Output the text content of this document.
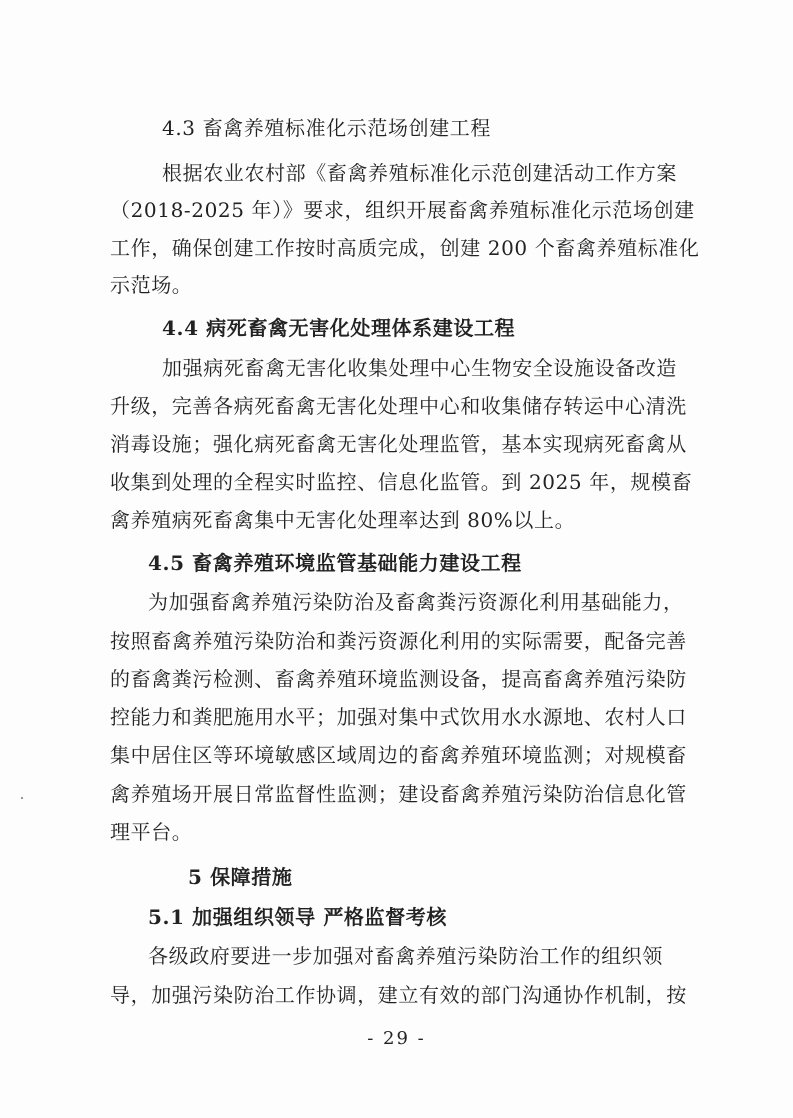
4.3 畜禽养殖标准化示范场创建工程
根据农业农村部《畜禽养殖标准化示范创建活动工作方案
（2018-2025 年）》要求，组织开展畜禽养殖标准化示范场创建
工作，确保创建工作按时高质完成，创建 200 个畜禽养殖标准化
示范场。
4.4 病死畜禽无害化处理体系建设工程
加强病死畜禽无害化收集处理中心生物安全设施设备改造
升级，完善各病死畜禽无害化处理中心和收集储存转运中心清洗
消毒设施；强化病死畜禽无害化处理监管，基本实现病死畜禽从
收集到处理的全程实时监控、信息化监管。到 2025 年，规模畜
禽养殖病死畜禽集中无害化处理率达到 80%以上。
4.5 畜禽养殖环境监管基础能力建设工程
为加强畜禽养殖污染防治及畜禽粪污资源化利用基础能力，
按照畜禽养殖污染防治和粪污资源化利用的实际需要，配备完善
的畜禽粪污检测、畜禽养殖环境监测设备，提高畜禽养殖污染防
控能力和粪肥施用水平；加强对集中式饮用水水源地、农村人口
集中居住区等环境敏感区域周边的畜禽养殖环境监测；对规模畜
禽养殖场开展日常监督性监测；建设畜禽养殖污染防治信息化管
理平台。
5 保障措施
5.1 加强组织领导 严格监督考核
各级政府要进一步加强对畜禽养殖污染防治工作的组织领
导，加强污染防治工作协调，建立有效的部门沟通协作机制，按
- 29 -
